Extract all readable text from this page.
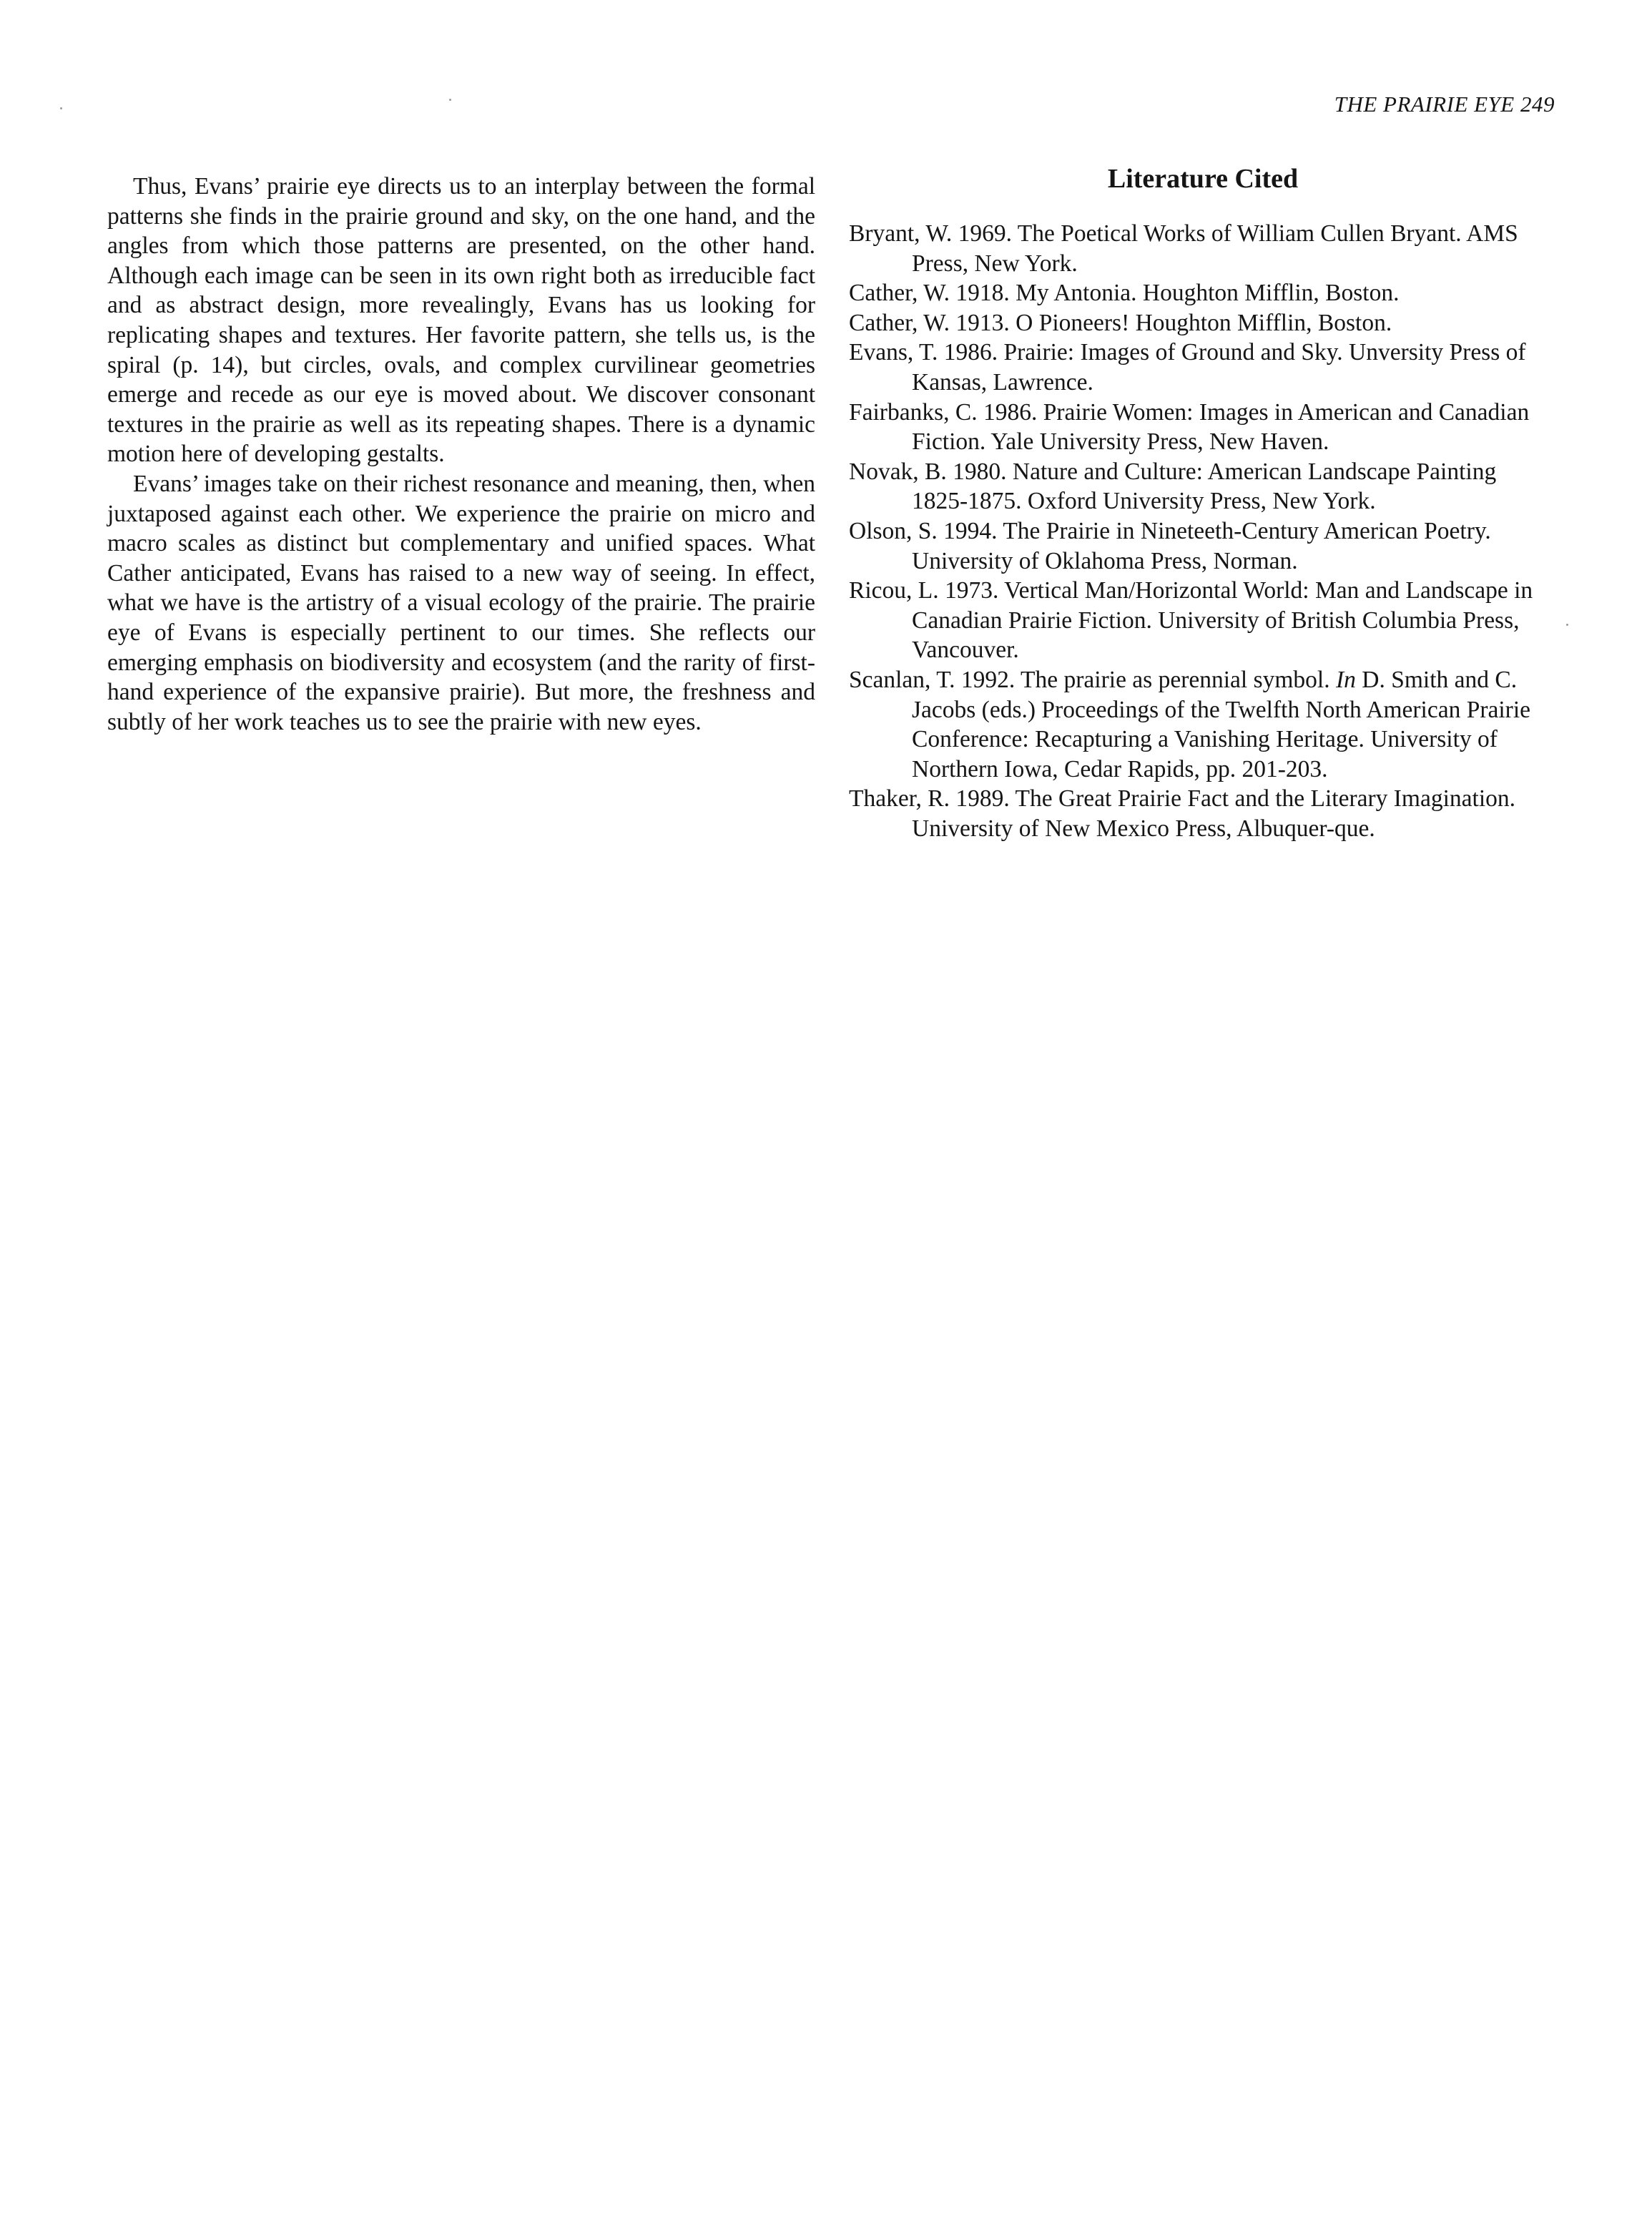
THE PRAIRIE EYE 249

Thus, Evans’ prairie eye directs us to an interplay between the formal patterns she finds in the prairie ground and sky, on the one hand, and the angles from which those patterns are presented, on the other hand. Although each image can be seen in its own right both as irreducible fact and as abstract design, more revealingly, Evans has us looking for replicating shapes and textures. Her favorite pattern, she tells us, is the spiral (p. 14), but circles, ovals, and complex curvilinear geometries emerge and recede as our eye is moved about. We discover consonant textures in the prairie as well as its repeating shapes. There is a dynamic motion here of developing gestalts.

Evans’ images take on their richest resonance and meaning, then, when juxtaposed against each other. We experience the prairie on micro and macro scales as distinct but complementary and unified spaces. What Cather anticipated, Evans has raised to a new way of seeing. In effect, what we have is the artistry of a visual ecology of the prairie. The prairie eye of Evans is especially pertinent to our times. She reflects our emerging emphasis on biodiversity and ecosystem (and the rarity of first-hand experience of the expansive prairie). But more, the freshness and subtly of her work teaches us to see the prairie with new eyes.

Literature Cited
Bryant, W. 1969. The Poetical Works of William Cullen Bryant. AMS Press, New York.
Cather, W. 1918. My Antonia. Houghton Mifflin, Boston.
Cather, W. 1913. O Pioneers! Houghton Mifflin, Boston.
Evans, T. 1986. Prairie: Images of Ground and Sky. Unversity Press of Kansas, Lawrence.
Fairbanks, C. 1986. Prairie Women: Images in American and Canadian Fiction. Yale University Press, New Haven.
Novak, B. 1980. Nature and Culture: American Landscape Painting 1825-1875. Oxford University Press, New York.
Olson, S. 1994. The Prairie in Nineteeth-Century American Poetry. University of Oklahoma Press, Norman.
Ricou, L. 1973. Vertical Man/Horizontal World: Man and Landscape in Canadian Prairie Fiction. University of British Columbia Press, Vancouver.
Scanlan, T. 1992. The prairie as perennial symbol. In D. Smith and C. Jacobs (eds.) Proceedings of the Twelfth North American Prairie Conference: Recapturing a Vanishing Heritage. University of Northern Iowa, Cedar Rapids, pp. 201-203.
Thaker, R. 1989. The Great Prairie Fact and the Literary Imagination. University of New Mexico Press, Albuquer-que.
